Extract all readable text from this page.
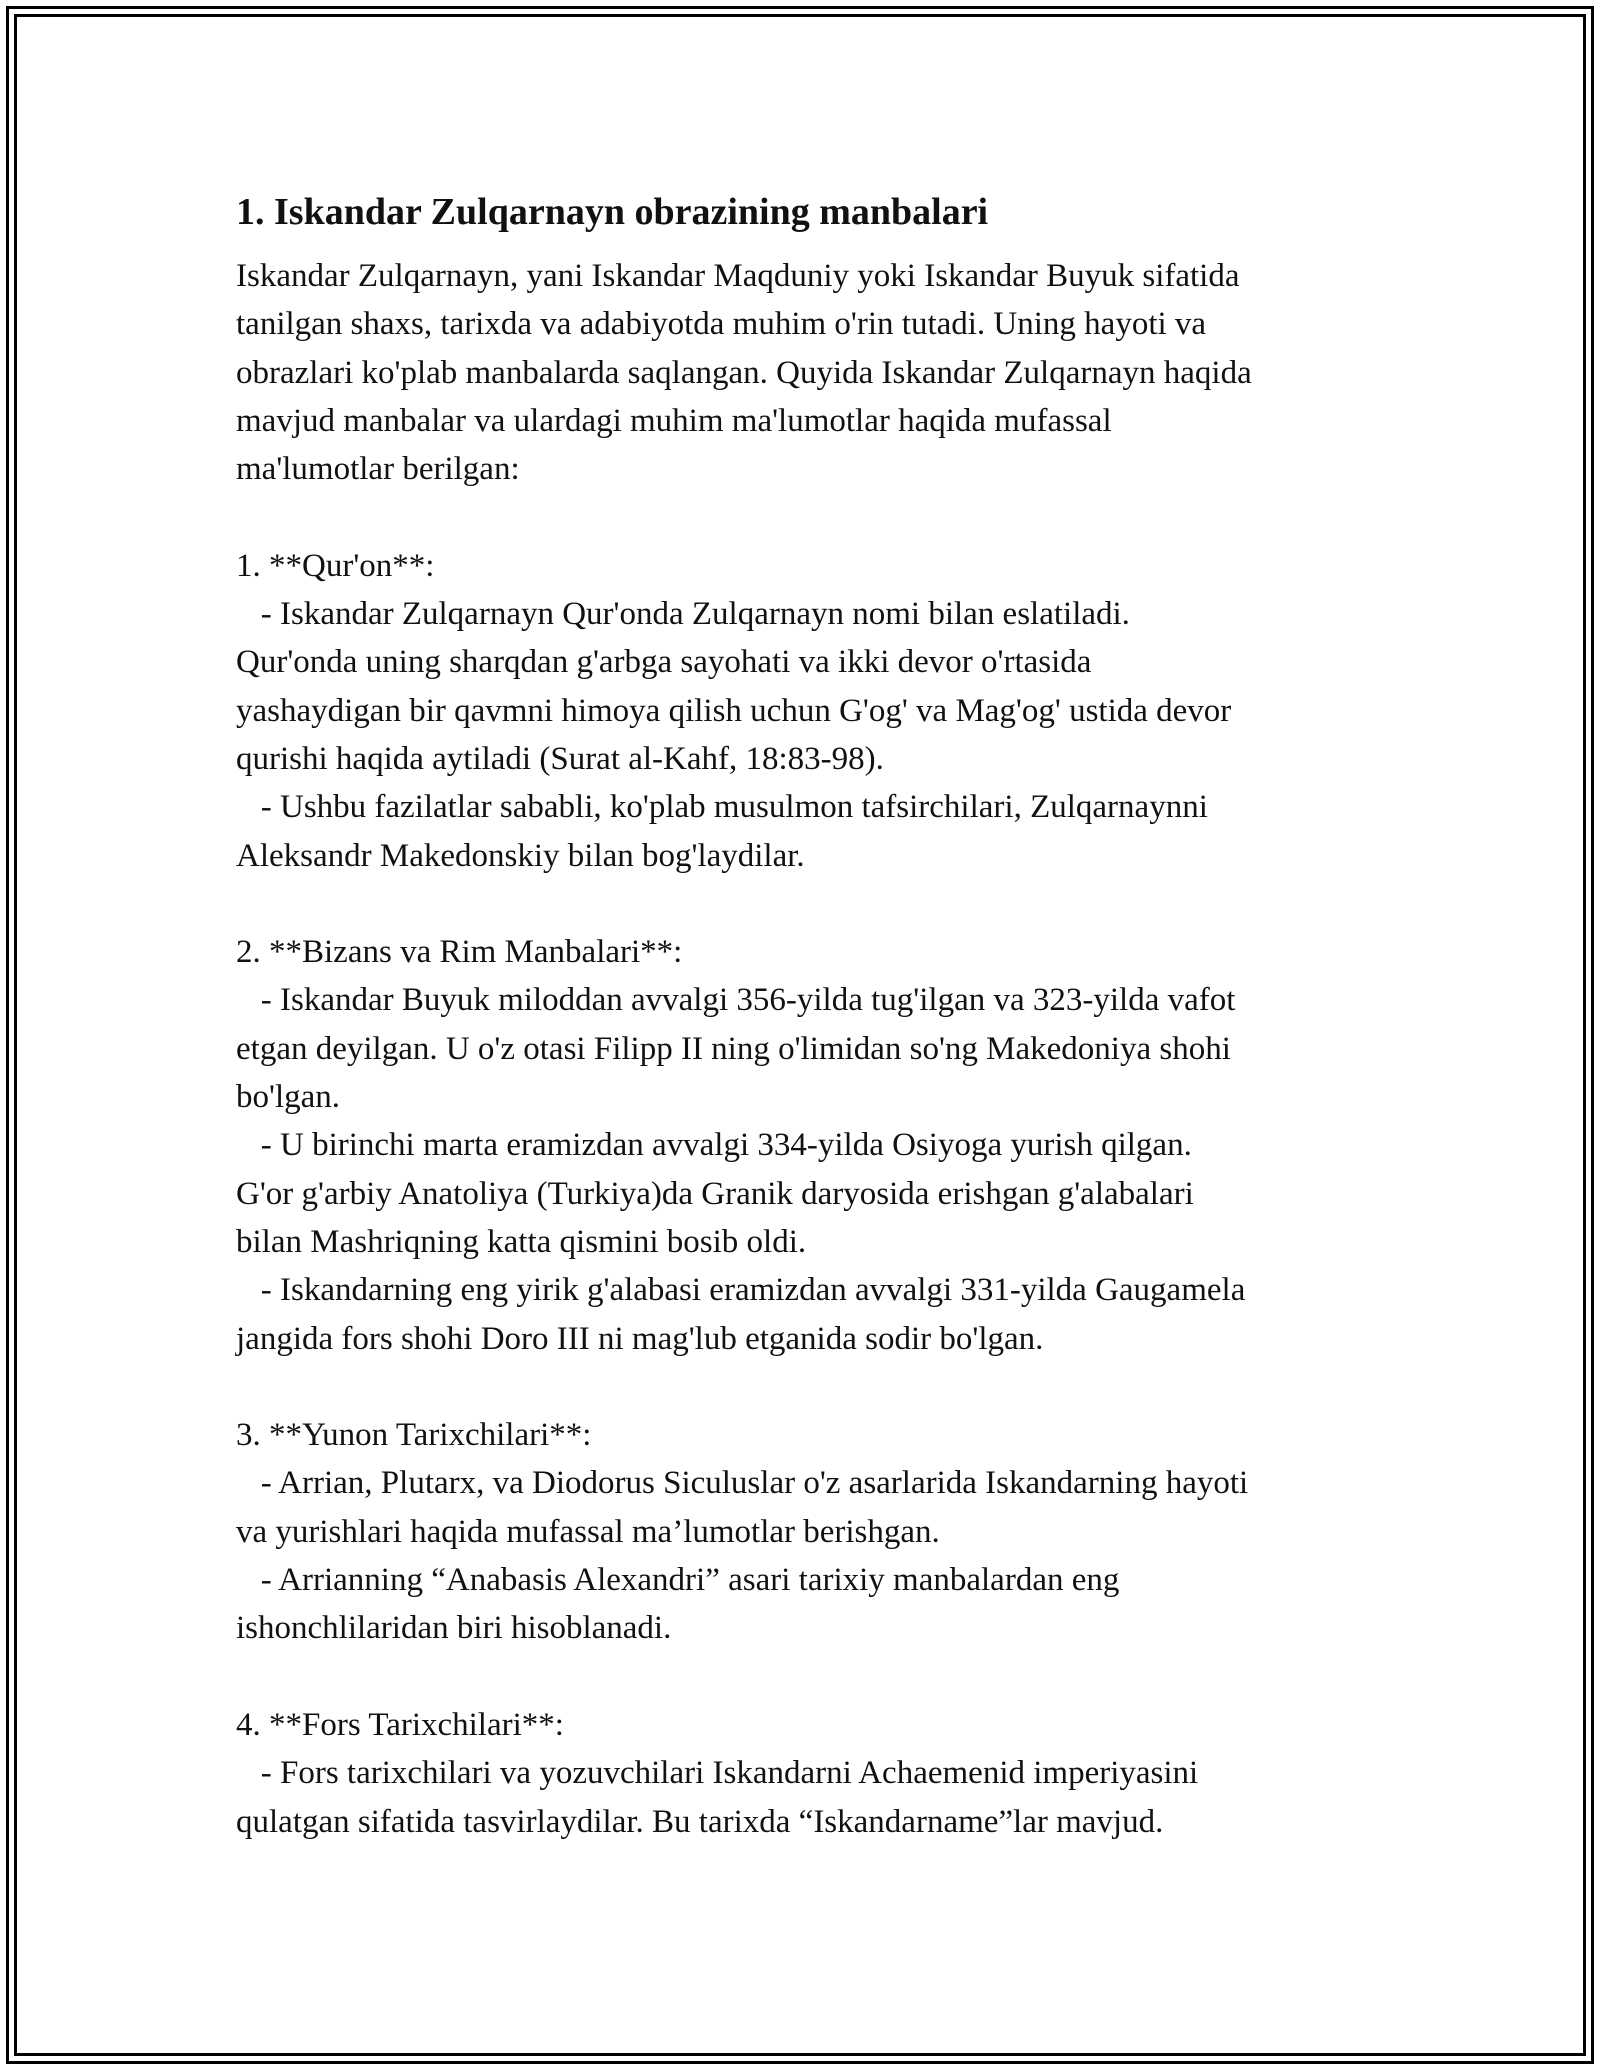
1. Iskandar Zulqarnayn obrazining manbalari
Iskandar Zulqarnayn, yani Iskandar Maqduniy yoki Iskandar Buyuk sifatida
tanilgan shaxs, tarixda va adabiyotda muhim o'rin tutadi. Uning hayoti va
obrazlari ko'plab manbalarda saqlangan. Quyida Iskandar Zulqarnayn haqida
mavjud manbalar va ulardagi muhim ma'lumotlar haqida mufassal
ma'lumotlar berilgan:
1. **Qur'on**:
- Iskandar Zulqarnayn Qur'onda Zulqarnayn nomi bilan eslatiladi.
Qur'onda uning sharqdan g'arbga sayohati va ikki devor o'rtasida
yashaydigan bir qavmni himoya qilish uchun G'og' va Mag'og' ustida devor
qurishi haqida aytiladi (Surat al-Kahf, 18:83-98).
- Ushbu fazilatlar sababli, ko'plab musulmon tafsirchilari, Zulqarnaynni
Aleksandr Makedonskiy bilan bog'laydilar.
2. **Bizans va Rim Manbalari**:
- Iskandar Buyuk miloddan avvalgi 356-yilda tug'ilgan va 323-yilda vafot
etgan deyilgan. U o'z otasi Filipp II ning o'limidan so'ng Makedoniya shohi
bo'lgan.
- U birinchi marta eramizdan avvalgi 334-yilda Osiyoga yurish qilgan.
G'or g'arbiy Anatoliya (Turkiya)da Granik daryosida erishgan g'alabalari
bilan Mashriqning katta qismini bosib oldi.
- Iskandarning eng yirik g'alabasi eramizdan avvalgi 331-yilda Gaugamela
jangida fors shohi Doro III ni mag'lub etganida sodir bo'lgan.
3. **Yunon Tarixchilari**:
- Arrian, Plutarx, va Diodorus Siculuslar o'z asarlarida Iskandarning hayoti
va yurishlari haqida mufassal ma’lumotlar berishgan.
- Arrianning “Anabasis Alexandri” asari tarixiy manbalardan eng
ishonchlilaridan biri hisoblanadi.
4. **Fors Tarixchilari**:
- Fors tarixchilari va yozuvchilari Iskandarni Achaemenid imperiyasini
qulatgan sifatida tasvirlaydilar. Bu tarixda “Iskandarname”lar mavjud.
